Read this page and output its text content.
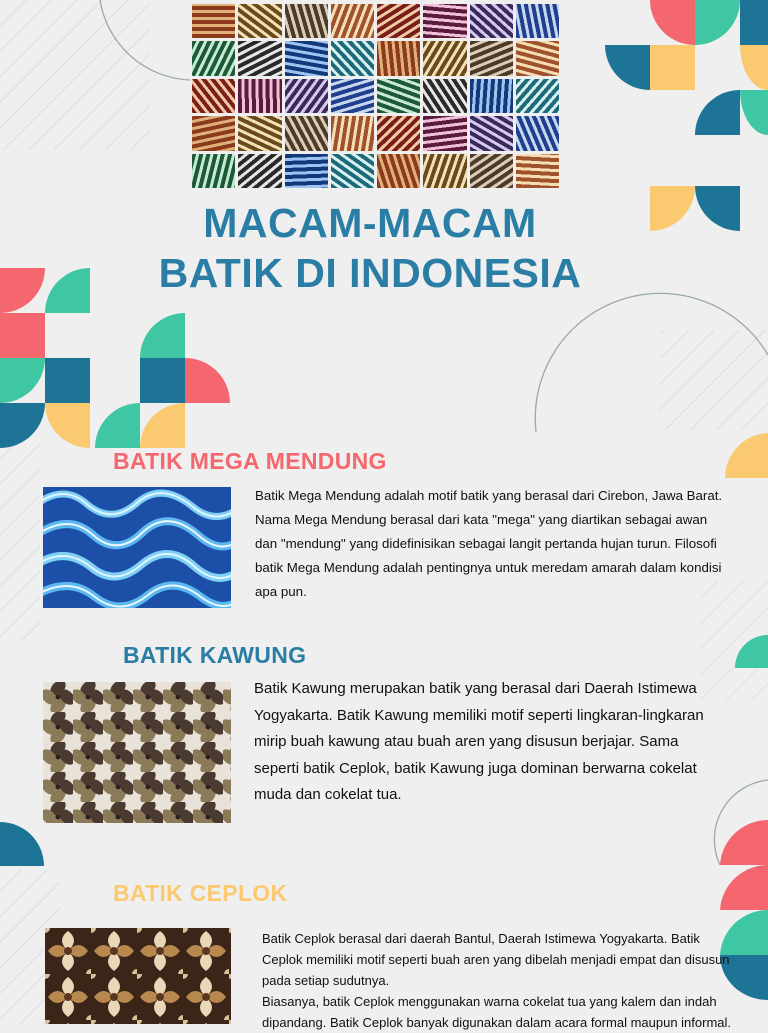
MACAM-MACAM
BATIK DI INDONESIA
BATIK MEGA MENDUNG
Batik Mega Mendung adalah motif batik yang berasal dari Cirebon, Jawa Barat. Nama Mega Mendung berasal dari kata "mega" yang diartikan sebagai awan dan "mendung" yang didefinisikan sebagai langit pertanda hujan turun. Filosofi batik Mega Mendung adalah pentingnya untuk meredam amarah dalam kondisi apa pun.
BATIK KAWUNG
Batik Kawung merupakan batik yang berasal dari Daerah Istimewa Yogyakarta. Batik Kawung memiliki motif seperti lingkaran-lingkaran mirip buah kawung atau buah aren yang disusun berjajar. Sama seperti batik Ceplok, batik Kawung juga dominan berwarna cokelat muda dan cokelat tua.
BATIK CEPLOK
Batik Ceplok berasal dari daerah Bantul, Daerah Istimewa Yogyakarta. Batik Ceplok memiliki motif seperti buah aren yang dibelah menjadi empat dan disusun pada setiap sudutnya.
Biasanya, batik Ceplok menggunakan warna cokelat tua yang kalem dan indah dipandang. Batik Ceplok banyak digunakan dalam acara formal maupun informal.
